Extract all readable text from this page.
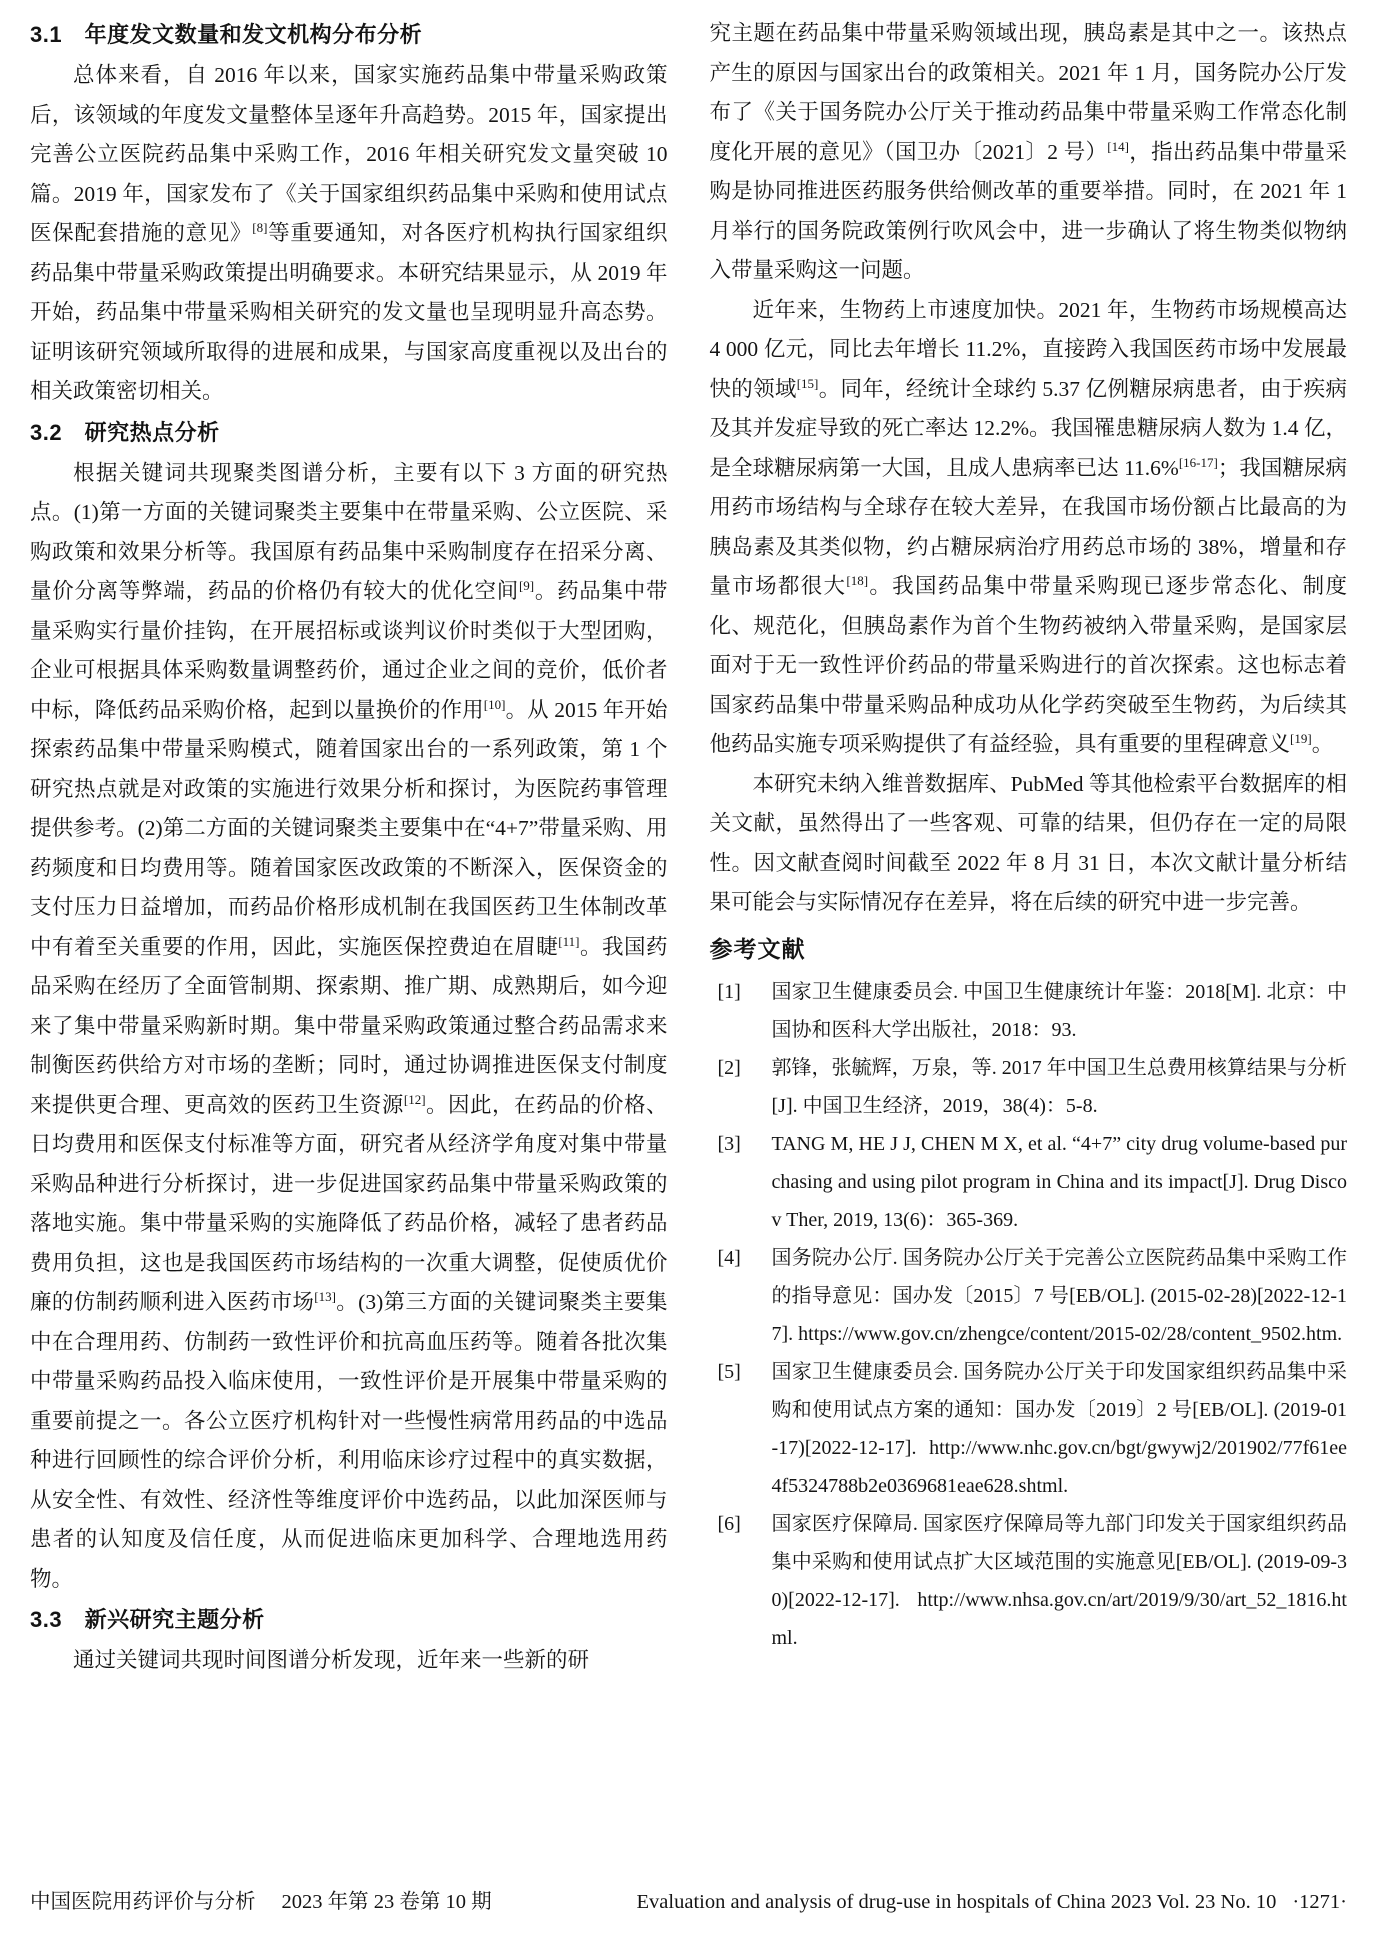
3.1　年度发文数量和发文机构分布分析

总体来看，自 2016 年以来，国家实施药品集中带量采购政策后，该领域的年度发文量整体呈逐年升高趋势。2015 年，国家提出完善公立医院药品集中采购工作，2016 年相关研究发文量突破 10 篇。2019 年，国家发布了《关于国家组织药品集中采购和使用试点医保配套措施的意见》[8]等重要通知，对各医疗机构执行国家组织药品集中带量采购政策提出明确要求。本研究结果显示，从 2019 年开始，药品集中带量采购相关研究的发文量也呈现明显升高态势。证明该研究领域所取得的进展和成果，与国家高度重视以及出台的相关政策密切相关。

3.2　研究热点分析

根据关键词共现聚类图谱分析，主要有以下 3 方面的研究热点。(1)第一方面的关键词聚类主要集中在带量采购、公立医院、采购政策和效果分析等。我国原有药品集中采购制度存在招采分离、量价分离等弊端，药品的价格仍有较大的优化空间[9]。药品集中带量采购实行量价挂钩，在开展招标或谈判议价时类似于大型团购，企业可根据具体采购数量调整药价，通过企业之间的竞价，低价者中标，降低药品采购价格，起到以量换价的作用[10]。从 2015 年开始探索药品集中带量采购模式，随着国家出台的一系列政策，第 1 个研究热点就是对政策的实施进行效果分析和探讨，为医院药事管理提供参考。(2)第二方面的关键词聚类主要集中在“4+7”带量采购、用药频度和日均费用等。随着国家医改政策的不断深入，医保资金的支付压力日益增加，而药品价格形成机制在我国医药卫生体制改革中有着至关重要的作用，因此，实施医保控费迫在眉睫[11]。我国药品采购在经历了全面管制期、探索期、推广期、成熟期后，如今迎来了集中带量采购新时期。集中带量采购政策通过整合药品需求来制衡医药供给方对市场的垄断；同时，通过协调推进医保支付制度来提供更合理、更高效的医药卫生资源[12]。因此，在药品的价格、日均费用和医保支付标准等方面，研究者从经济学角度对集中带量采购品种进行分析探讨，进一步促进国家药品集中带量采购政策的落地实施。集中带量采购的实施降低了药品价格，减轻了患者药品费用负担，这也是我国医药市场结构的一次重大调整，促使质优价廉的仿制药顺利进入医药市场[13]。(3)第三方面的关键词聚类主要集中在合理用药、仿制药一致性评价和抗高血压药等。随着各批次集中带量采购药品投入临床使用，一致性评价是开展集中带量采购的重要前提之一。各公立医疗机构针对一些慢性病常用药品的中选品种进行回顾性的综合评价分析，利用临床诊疗过程中的真实数据，从安全性、有效性、经济性等维度评价中选药品，以此加深医师与患者的认知度及信任度，从而促进临床更加科学、合理地选用药物。

3.3　新兴研究主题分析

通过关键词共现时间图谱分析发现，近年来一些新的研

究主题在药品集中带量采购领域出现，胰岛素是其中之一。该热点产生的原因与国家出台的政策相关。2021 年 1 月，国务院办公厅发布了《关于国务院办公厅关于推动药品集中带量采购工作常态化制度化开展的意见》（国卫办〔2021〕2 号）[14]，指出药品集中带量采购是协同推进医药服务供给侧改革的重要举措。同时，在 2021 年 1 月举行的国务院政策例行吹风会中，进一步确认了将生物类似物纳入带量采购这一问题。

近年来，生物药上市速度加快。2021 年，生物药市场规模高达 4 000 亿元，同比去年增长 11.2%，直接跨入我国医药市场中发展最快的领域[15]。同年，经统计全球约 5.37 亿例糖尿病患者，由于疾病及其并发症导致的死亡率达 12.2%。我国罹患糖尿病人数为 1.4 亿，是全球糖尿病第一大国，且成人患病率已达 11.6%[16-17]；我国糖尿病用药市场结构与全球存在较大差异，在我国市场份额占比最高的为胰岛素及其类似物，约占糖尿病治疗用药总市场的 38%，增量和存量市场都很大[18]。我国药品集中带量采购现已逐步常态化、制度化、规范化，但胰岛素作为首个生物药被纳入带量采购，是国家层面对于无一致性评价药品的带量采购进行的首次探索。这也标志着国家药品集中带量采购品种成功从化学药突破至生物药，为后续其他药品实施专项采购提供了有益经验，具有重要的里程碑意义[19]。

本研究未纳入维普数据库、PubMed 等其他检索平台数据库的相关文献，虽然得出了一些客观、可靠的结果，但仍存在一定的局限性。因文献查阅时间截至 2022 年 8 月 31 日，本次文献计量分析结果可能会与实际情况存在差异，将在后续的研究中进一步完善。

参考文献
[1]	国家卫生健康委员会. 中国卫生健康统计年鉴：2018[M]. 北京：中国协和医科大学出版社，2018：93.
[2]	郭锋，张毓辉，万泉，等. 2017 年中国卫生总费用核算结果与分析[J]. 中国卫生经济，2019，38(4)：5-8.
[3]	TANG M, HE J J, CHEN M X, et al. “4+7” city drug volume-based purchasing and using pilot program in China and its impact[J]. Drug Discov Ther, 2019, 13(6)：365-369.
[4]	国务院办公厅. 国务院办公厅关于完善公立医院药品集中采购工作的指导意见：国办发〔2015〕7 号[EB/OL]. (2015-02-28)[2022-12-17]. https://www.gov.cn/zhengce/content/2015-02/28/content_9502.htm.
[5]	国家卫生健康委员会. 国务院办公厅关于印发国家组织药品集中采购和使用试点方案的通知：国办发〔2019〕2 号[EB/OL]. (2019-01-17)[2022-12-17]. http://www.nhc.gov.cn/bgt/gwywj2/201902/77f61ee4f5324788b2e0369681eae628.shtml.
[6]	国家医疗保障局. 国家医疗保障局等九部门印发关于国家组织药品集中采购和使用试点扩大区域范围的实施意见[EB/OL]. (2019-09-30)[2022-12-17]. http://www.nhsa.gov.cn/art/2019/9/30/art_52_1816.html.
中国医院用药评价与分析 2023 年第 23 卷第 10 期	Evaluation and analysis of drug-use in hospitals of China 2023 Vol. 23 No. 10 ·1271·
